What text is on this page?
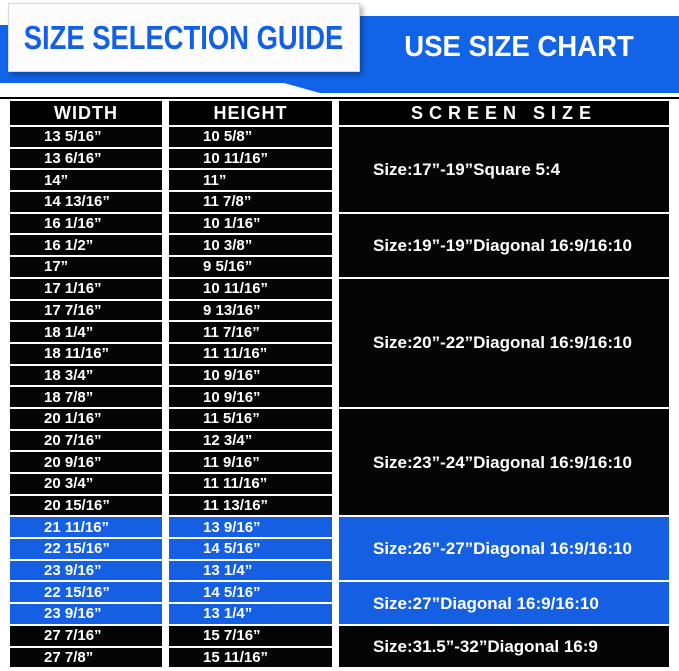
SIZE SELECTION GUIDE	USE SIZE CHART
WIDTH	HEIGHT	SCREEN SIZE
13 5/16”	10 5/8”	Size:17”-19”Square 5:4
13 6/16”	10 11/16”	
14”	11”	
14 13/16”	11 7/8”	
16 1/16”	10 1/16”	Size:19”-19”Diagonal 16:9/16:10
16 1/2”	10 3/8”	
17”	9 5/16”	
17 1/16”	10 11/16”	Size:20”-22”Diagonal 16:9/16:10
17 7/16”	9 13/16”	
18 1/4”	11 7/16”	
18 11/16”	11 11/16”	
18 3/4”	10 9/16”	
18 7/8”	10 9/16”	
20 1/16”	11 5/16”	Size:23”-24”Diagonal 16:9/16:10
20 7/16”	12 3/4”	
20 9/16”	11 9/16”	
20 3/4”	11 11/16”	
20 15/16”	11 13/16”	
21 11/16”	13 9/16”	Size:26”-27”Diagonal 16:9/16:10
22 15/16”	14 5/16”	
23 9/16”	13 1/4”	
22 15/16”	14 5/16”	Size:27”Diagonal 16:9/16:10
23 9/16”	13 1/4”	
27 7/16”	15 7/16”	Size:31.5”-32”Diagonal 16:9
27 7/8”	15 11/16”	
